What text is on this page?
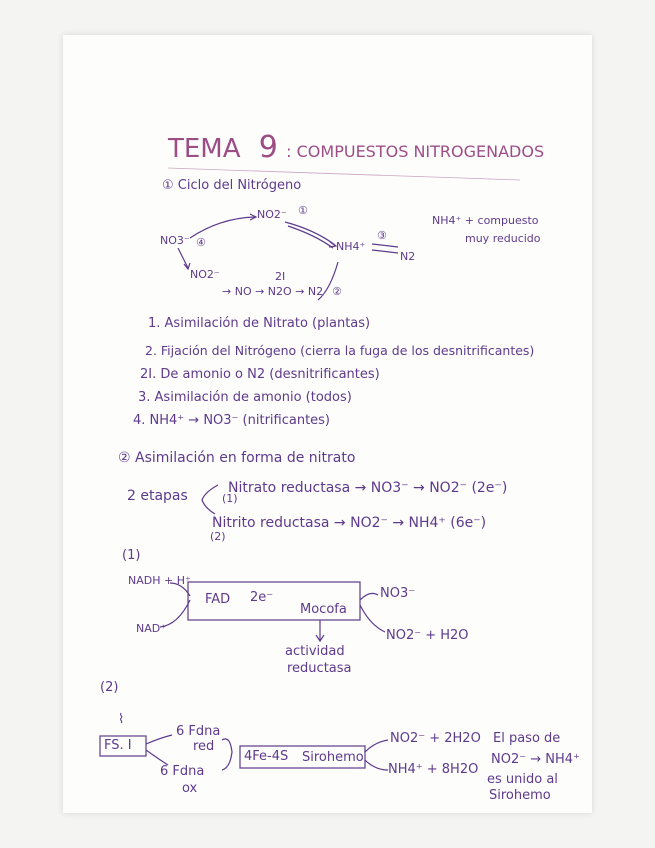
TEMA 9 : COMPUESTOS NITROGENADOS
① Ciclo del Nitrógeno
NO2⁻ ①
NO3⁻ ④	NH4⁺
③
N2
NO2⁻
→ NO → N2O → N2
2I
②
NH4⁺ + compuesto
muy reducido
1. Asimilación de Nitrato (plantas)
2. Fijación del Nitrógeno (cierra la fuga de los desnitrificantes)
2I. De amonio o N2 (desnitrificantes)
3. Asimilación de amonio (todos)
4. NH4⁺ → NO3⁻ (nitrificantes)
② Asimilación en forma de nitrato
2 etapas	(1)
Nitrato reductasa → NO3⁻ → NO2⁻ (2e⁻)
Nitrito reductasa → NO2⁻ → NH4⁺ (6e⁻)
(2)
(1)
NADH + H⁺
NAD⁺
FAD 2e⁻
Mocofa
NO3⁻
NO2⁻ + H2O
actividad
reductasa
(2)
⌇
FS. I
6 Fdna
red
6 Fdna
ox
4Fe-4S Sirohemo
NO2⁻ + 2H2O
NH4⁺ + 8H2O
El paso de
NO2⁻ → NH4⁺
es unido al
Sirohemo
